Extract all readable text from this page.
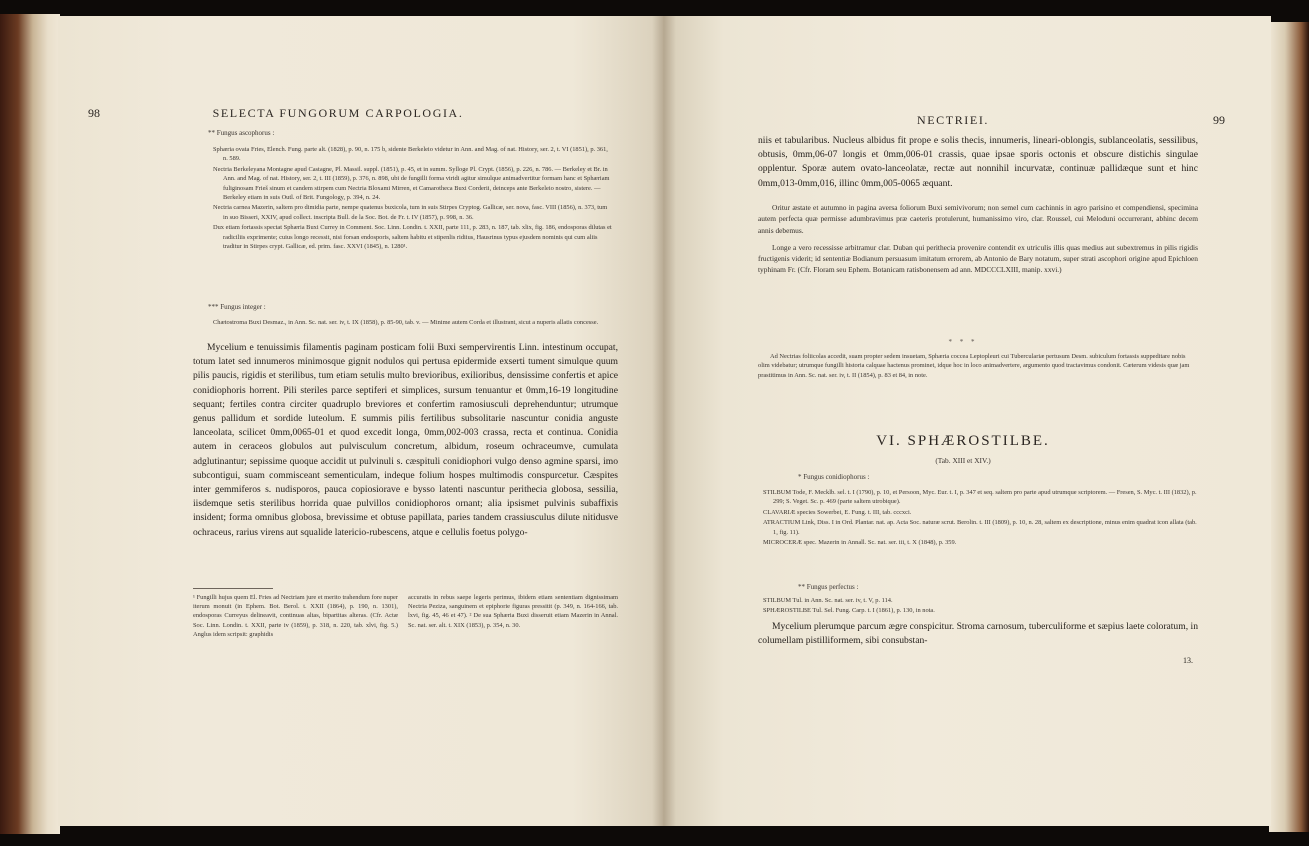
98	SELECTA FUNGORUM CARPOLOGIA.
** Fungus ascophorus :

Sphæria ovata Fries, Elench. Fung. parte alt. (1828), p. 90, n. 175 b, sidente Berkeleio videtur in Ann. and Mag. of nat. History, ser. 2, t. VI (1851), p. 361, n. 589.

Nectria Berkeleyana Montagne apud Castagne, Pl. Massil. suppl. (1851), p. 45, et in summ. Sylloge Pl. Crypt. (1856), p. 226, n. 786. — Berkeley et Br. in Ann. and Mag. of nat. History, ser. 2, t. III (1859), p. 376, n. 898, ubi de fungilli forma viridi agitur simulque animadvertitur formam hanc et Sphæriam fuliginosam Frieš sinum et candem stirpem cum Nectria Bloxami Mirren, et Camarotheca Buxi Corderii, deinceps ante Berkeleio nostro, sistere. — Berkeley etiam in suis Outl. of Brit. Fungology, p. 394, n. 24.

Nectria carnea Mazerin, saltem pro dimidia parte, nempe quatenus buxicola, tum in suis Stirpes Cryptog. Gallicæ, ser. nova, fasc. VIII (1856), n. 373, tum in suo Bisseri, XXIV, apud collect. inscripta Bull. de la Soc. Bot. de Fr. t. IV (1857), p. 998, n. 36.

Dux etiam fortassis spectat Sphæria Buxi Currey in Comment. Soc. Linn. Londin. t. XXII, parte 111, p. 283, n. 187, tab. xlix, fig. 186, endosporas dilutas et radiciliis exprimente; cuius longo recessit, nisi forsan endosporis, saltem habitu et stipenlis ridiius, Hausrinus typus ejusdem nominis qui cum aliis traditur in Stirpes crypt. Gallicæ, ed. prim. fasc. XXVI (1845), n. 1280¹.

*** Fungus integer :

Chætostroma Buxi Desmaz., in Ann. Sc. nat. ser. iv, t. IX (1858), p. 85-90, tab. v. — Minime autem Corda et illustrant, sicut a nuperis allatis concesse.

Mycelium e tenuissimis filamentis paginam posticam folii Buxi sempervirentis Linn. intestinum occupat, totum latet sed innumeros minimosque gignit nodulos qui pertusa epidermide exserti tument simulque quum pilis paucis, rigidis et sterilibus, tum etiam setulis multo brevioribus, exilioribus, densissime confertis et apice conidiophoris horrent. Pili steriles parce septiferi et simplices, sursum tenuantur et 0mm,16-19 longitudine sequant; fertiles contra circiter quadruplo breviores et confertim ramosiusculi deprehenduntur; utrumque genus pallidum et sordide luteolum. E summis pilis fertilibus subsolitarie nascuntur conidia anguste lanceolata, scilicet 0mm,0065-01 et quod excedit longa, 0mm,002-003 crassa, recta et continua. Conidia autem in ceraceos globulos aut pulvisculum concretum, albidum, roseum ochraceumve, cumulata adglutinantur; sepissime quoque accidit ut pulvinuli s. cæspituli conidiophori vulgo denso agmine sparsi, imo subcontigui, suam commisceant sementiculam, indeque folium hospes multimodis conspurcetur. Cæspites inter gemmiferos s. nudisporos, pauca copiosiorave e bysso latenti nascuntur perithecia globosa, sessilia, iisdemque setis sterilibus horrida quae pulvillos conidiophoros ornant; alia ipsismet pulvinis subaffixis insident; forma omnibus globosa, brevissime et obtuse papillata, paries tandem crassiusculus dilute nitidusve ochraceus, rarius virens aut squalide latericio-rubescens, atque e cellulis foetus polygo-

¹ Fungilli hujus quem El. Fries ad Nectriam jure et merito trahendum fore nuper iterum monuit (in Ephem. Bot. Berol. t. XXII (1864), p. 190, n. 1301), endosporas Curreyus delineavit, continuas altas, bipartitas alteras. (Cfr. Actæ Soc. Linn. Londin. t. XXII, parte iv (1859), p. 318, n. 220, tab. xlvi, fig. 5.) Anglus idem scripsit: graphidis
accuratis in rebus saepe legeris perimus, ibidem etiam sententiam dignissimam Nectria Peziza, sanguinem et epiphorie figuras pressitit (p. 349, n. 164-166, tab. lxvi, fig. 45, 46 et 47). ² De sua Sphæria Buxi disseruit etiam Mazerin in Annal. Sc. nat. ser. alt. t. XIX (1853), p. 354, n. 30.
NECTRIEI.	99

niis et tabularibus. Nucleus albidus fit prope e solis thecis, innumeris, lineari-oblongis, sublanceolatis, sessilibus, obtusis, 0mm,06-07 longis et 0mm,006-01 crassis, quae ipsae sporis octonis et obscure distichis singulae opplentur. Sporæ autem ovato-lanceolatæ, rectæ aut nonnihil incurvatæ, continuæ pallidæque sunt et hinc 0mm,013-0mm,016, illinc 0mm,005-0065 æquant.

Oritur æstate et autumno in pagina aversa foliorum Buxi semivivorum; non semel cum cachinnis in agro parisino et compendiensi, specimina autem perfecta quæ permisse adumbravimus præ caeteris protulerunt, humanissimo viro, clar. Roussel, cui Meloduni occurrerant, abhinc decem annis debemus.

Longe a vero recessisse arbitramur clar. Duban qui perithecia provenire contendit ex utriculis illis quas medius aut subextremus in pilis rigidis fructigenis viderit; id sententiæ Bodianum persuasum imitatum errorem, ab Antonio de Bary notatum, super strati ascophori origine apud Epichloen typhinam Fr. (Cfr. Floram seu Ephem. Botanicam ratisbonensem ad ann. MDCCCLXIII, manip. xxvi.)

* * *

Ad Nectrias foliicolas accedit, suam propter sedem insuetam, Sphæria coccea Leptopleuri cui Tuberculariæ pertusum Desm. subiculum fortassis suppeditare nobis olim videbatur; utrumque fungilli historia calquae hactenus prominet, idque hoc in loco animadvertere, argumento quod tractavimus condonit. Cæterum videsis quæ jam prastitimus in Ann. Sc. nat. ser. iv, t. II (1854), p. 83 et 84, in note.

VI. SPHÆROSTILBE.
(Tab. XIII et XIV.)
* Fungus conidiophorus :

STILBUM Tode, F. Mecklb. sel. t. I (1790), p. 10, et Persoon, Myc. Eur. t. I, p. 347 et seq. saltem pro parte apud utrumque scriptorem. — Fresen, S. Myc. t. III (1832), p. 299; S. Veget. Sc. p. 469 (parte saltem utrobique).

CLAVARIÆ species Sowerbei, E. Fung. t. III, tab. cccxci.

ATRACTIUM Link, Diss. I in Ord. Plantar. nat. ap. Acta Soc. naturæ scrut. Berolin. t. III (1809), p. 10, n. 28, saltem ex descriptione, minus enim quadrat icon allata (tab. 1, fig. 11).

MICROCERÆ spec. Mazerin in Annall. Sc. nat. ser. iii, t. X (1848), p. 359.

** Fungus perfectus :

STILBUM Tul. in Ann. Sc. nat. ser. iv, t. V, p. 114.

SPHÆROSTILBE Tul. Sel. Fung. Carp. t. I (1861), p. 130, in nota.

Mycelium plerumque parcum ægre conspicitur. Stroma carnosum, tuberculiforme et sæpius laete coloratum, in columellam pistilliformem, sibi consubstan-

13.
